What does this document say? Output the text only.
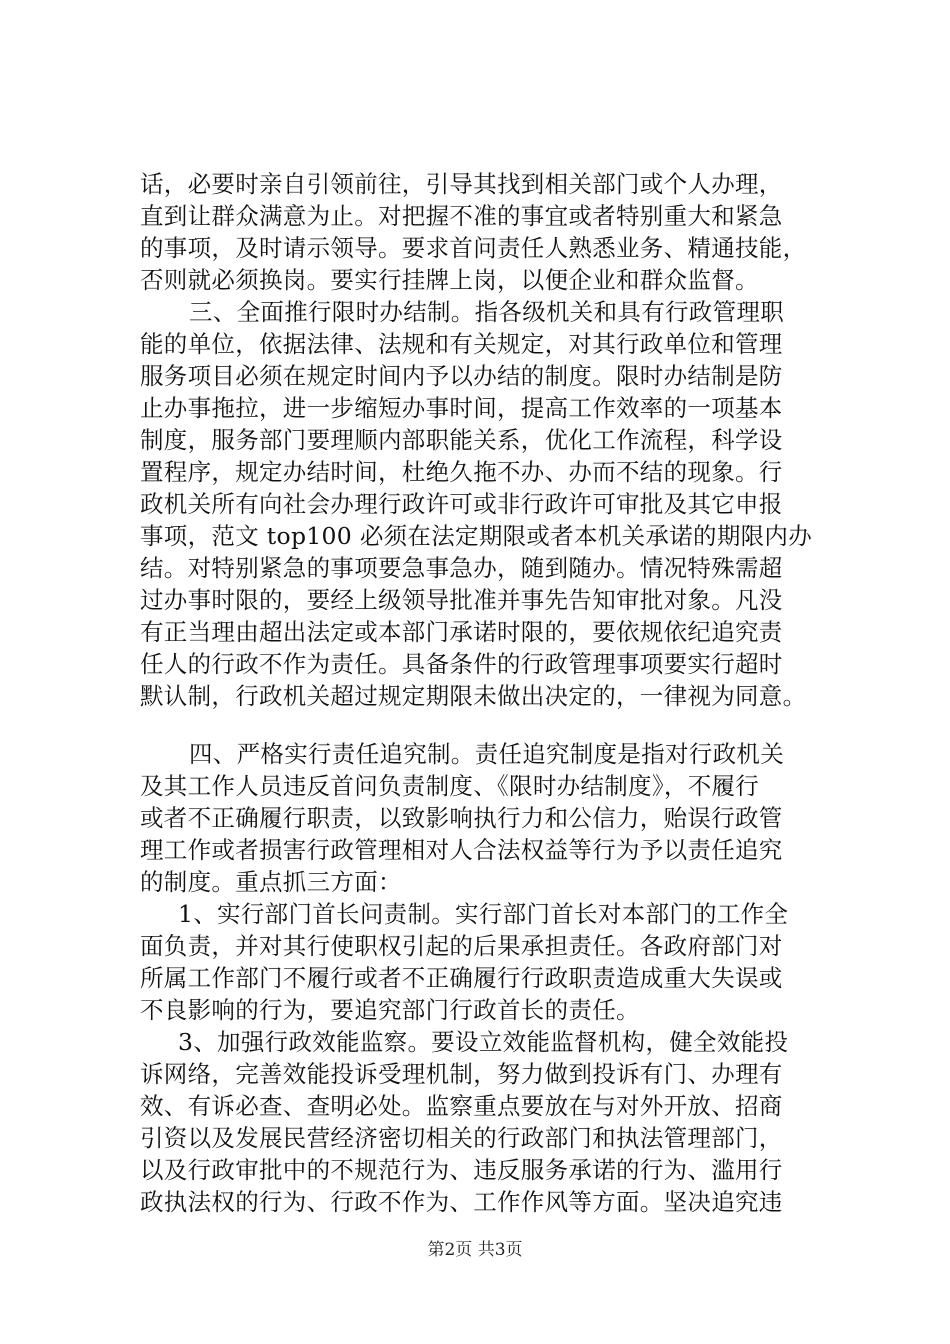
话，必要时亲自引领前往，引导其找到相关部门或个人办理，
直到让群众满意为止。对把握不准的事宜或者特别重大和紧急
的事项，及时请示领导。要求首问责任人熟悉业务、精通技能，
否则就必须换岗。要实行挂牌上岗，以便企业和群众监督。
三、全面推行限时办结制。指各级机关和具有行政管理职
能的单位，依据法律、法规和有关规定，对其行政单位和管理
服务项目必须在规定时间内予以办结的制度。限时办结制是防
止办事拖拉，进一步缩短办事时间，提高工作效率的一项基本
制度，服务部门要理顺内部职能关系，优化工作流程，科学设
置程序，规定办结时间，杜绝久拖不办、办而不结的现象。行
政机关所有向社会办理行政许可或非行政许可审批及其它申报
事项，范文 top100 必须在法定期限或者本机关承诺的期限内办
结。对特别紧急的事项要急事急办，随到随办。情况特殊需超
过办事时限的，要经上级领导批准并事先告知审批对象。凡没
有正当理由超出法定或本部门承诺时限的，要依规依纪追究责
任人的行政不作为责任。具备条件的行政管理事项要实行超时
默认制，行政机关超过规定期限未做出决定的，一律视为同意。
四、严格实行责任追究制。责任追究制度是指对行政机关
及其工作人员违反首问负责制度、《限时办结制度》，不履行
或者不正确履行职责，以致影响执行力和公信力，贻误行政管
理工作或者损害行政管理相对人合法权益等行为予以责任追究
的制度。重点抓三方面：
1、实行部门首长问责制。实行部门首长对本部门的工作全
面负责，并对其行使职权引起的后果承担责任。各政府部门对
所属工作部门不履行或者不正确履行行政职责造成重大失误或
不良影响的行为，要追究部门行政首长的责任。
3、加强行政效能监察。要设立效能监督机构，健全效能投
诉网络，完善效能投诉受理机制，努力做到投诉有门、办理有
效、有诉必查、查明必处。监察重点要放在与对外开放、招商
引资以及发展民营经济密切相关的行政部门和执法管理部门，
以及行政审批中的不规范行为、违反服务承诺的行为、滥用行
政执法权的行为、行政不作为、工作作风等方面。坚决追究违
第2页 共3页
